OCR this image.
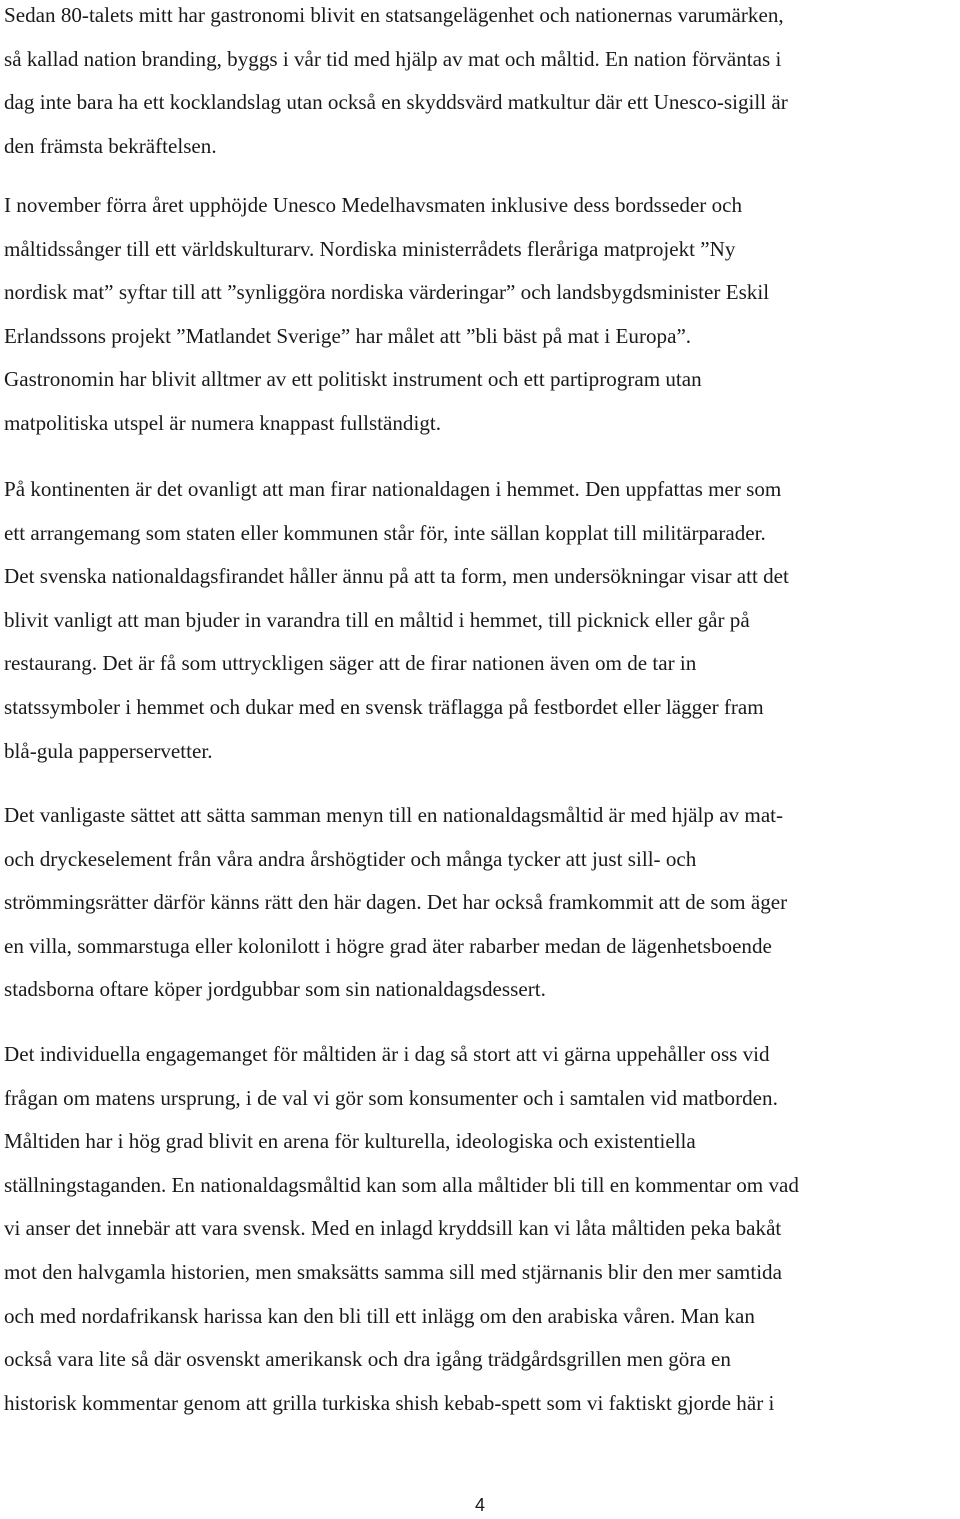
Sedan 80-talets mitt har gastronomi blivit en statsangelägenhet och nationernas varumärken,
så kallad nation branding, byggs i vår tid med hjälp av mat och måltid. En nation förväntas i
dag inte bara ha ett kocklandslag utan också en skyddsvärd matkultur där ett Unesco-sigill är
den främsta bekräftelsen.
I november förra året upphöjde Unesco Medelhavsmaten inklusive dess bordsseder och
måltidssånger till ett världskulturarv. Nordiska ministerrådets fleråriga matprojekt ”Ny
nordisk mat” syftar till att ”synliggöra nordiska värderingar” och landsbygdsminister Eskil
Erlandssons projekt ”Matlandet Sverige” har målet att ”bli bäst på mat i Europa”.
Gastronomin har blivit alltmer av ett politiskt instrument och ett partiprogram utan
matpolitiska utspel är numera knappast fullständigt.
På kontinenten är det ovanligt att man firar nationaldagen i hemmet. Den uppfattas mer som
ett arrangemang som staten eller kommunen står för, inte sällan kopplat till militärparader.
Det svenska nationaldagsfirandet håller ännu på att ta form, men undersökningar visar att det
blivit vanligt att man bjuder in varandra till en måltid i hemmet, till picknick eller går på
restaurang. Det är få som uttryckligen säger att de firar nationen även om de tar in
statssymboler i hemmet och dukar med en svensk träflagga på festbordet eller lägger fram
blå-gula papperservetter.
Det vanligaste sättet att sätta samman menyn till en nationaldagsmåltid är med hjälp av mat-
och dryckeselement från våra andra årshögtider och många tycker att just sill- och
strömmingsrätter därför känns rätt den här dagen. Det har också framkommit att de som äger
en villa, sommarstuga eller kolonilott i högre grad äter rabarber medan de lägenhetsboende
stadsborna oftare köper jordgubbar som sin nationaldagsdessert.
Det individuella engagemanget för måltiden är i dag så stort att vi gärna uppehåller oss vid
frågan om matens ursprung, i de val vi gör som konsumenter och i samtalen vid matborden.
Måltiden har i hög grad blivit en arena för kulturella, ideologiska och existentiella
ställningstaganden. En nationaldagsmåltid kan som alla måltider bli till en kommentar om vad
vi anser det innebär att vara svensk. Med en inlagd kryddsill kan vi låta måltiden peka bakåt
mot den halvgamla historien, men smaksätts samma sill med stjärnanis blir den mer samtida
och med nordafrikansk harissa kan den bli till ett inlägg om den arabiska våren. Man kan
också vara lite så där osvenskt amerikansk och dra igång trädgårdsgrillen men göra en
historisk kommentar genom att grilla turkiska shish kebab-spett som vi faktiskt gjorde här i
4
